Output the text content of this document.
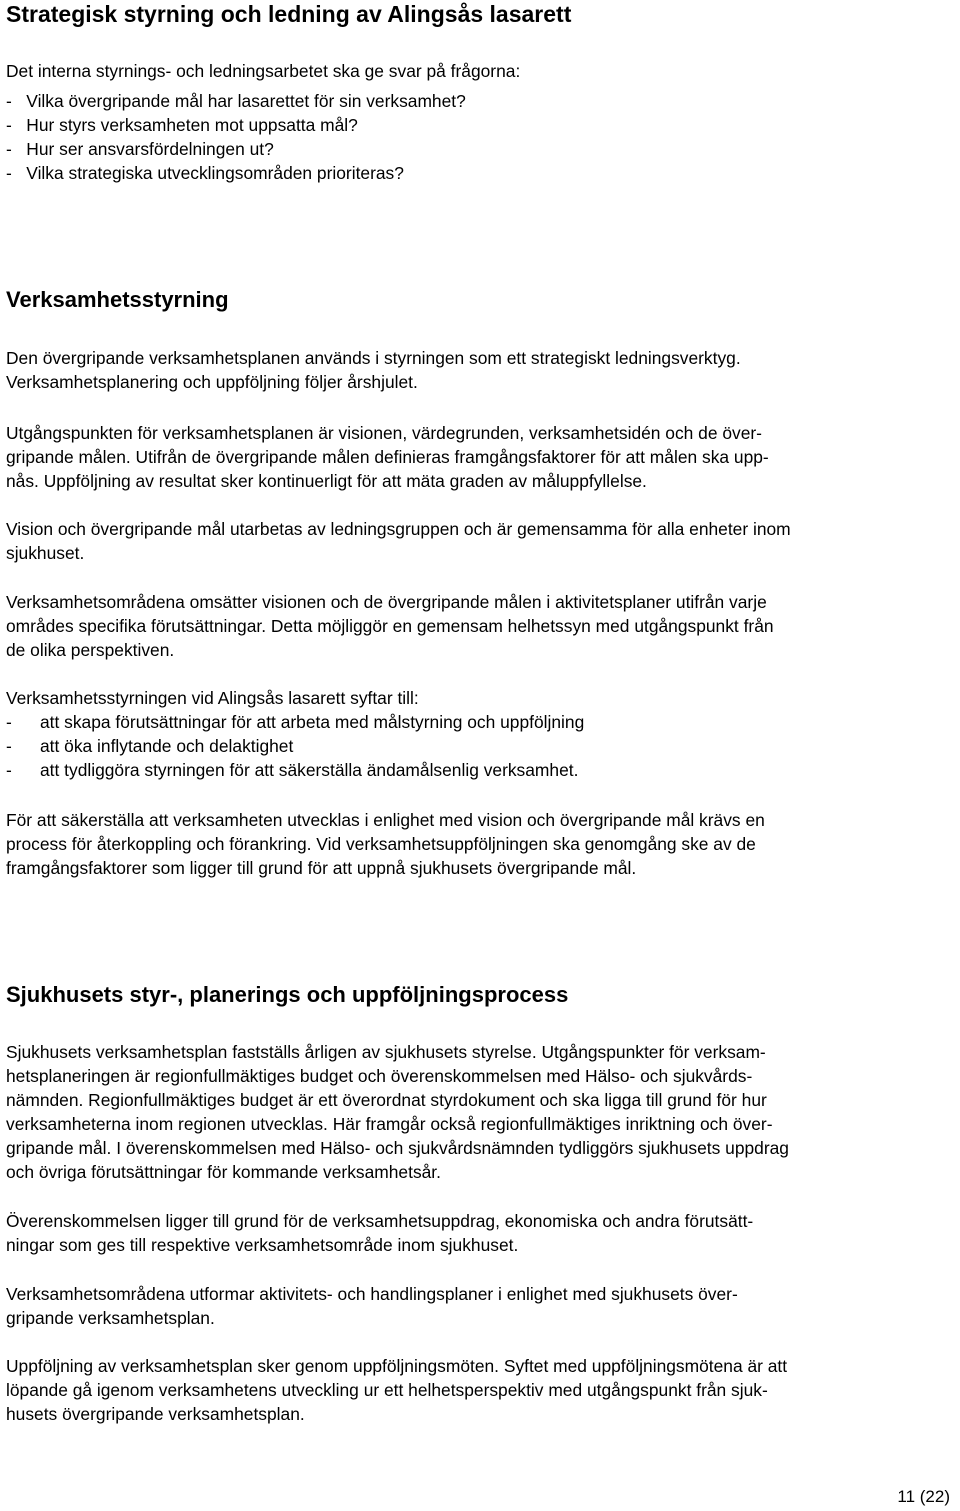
Strategisk styrning och ledning av Alingsås lasarett
Det interna styrnings- och ledningsarbetet ska ge svar på frågorna:
-   Vilka övergripande mål har lasarettet för sin verksamhet?
-   Hur styrs verksamheten mot uppsatta mål?
-   Hur ser ansvarsfördelningen ut?
-   Vilka strategiska utvecklingsområden prioriteras?
Verksamhetsstyrning
Den övergripande verksamhetsplanen används i styrningen som ett strategiskt ledningsverktyg.
Verksamhetsplanering och uppföljning följer årshjulet.
Utgångspunkten för verksamhetsplanen är visionen, värdegrunden, verksamhetsidén och de över-
gripande målen. Utifrån de övergripande målen definieras framgångsfaktorer för att målen ska upp-
nås. Uppföljning av resultat sker kontinuerligt för att mäta graden av måluppfyllelse.
Vision och övergripande mål utarbetas av ledningsgruppen och är gemensamma för alla enheter inom
sjukhuset.
Verksamhetsområdena omsätter visionen och de övergripande målen i aktivitetsplaner utifrån varje
områdes specifika förutsättningar. Detta möjliggör en gemensam helhetssyn med utgångspunkt från
de olika perspektiven.
Verksamhetsstyrningen vid Alingsås lasarett syftar till:
- att skapa förutsättningar för att arbeta med målstyrning och uppföljning
- att öka inflytande och delaktighet
- att tydliggöra styrningen för att säkerställa ändamålsenlig verksamhet.
För att säkerställa att verksamheten utvecklas i enlighet med vision och övergripande mål krävs en
process för återkoppling och förankring. Vid verksamhetsuppföljningen ska genomgång ske av de
framgångsfaktorer som ligger till grund för att uppnå sjukhusets övergripande mål.
Sjukhusets styr-, planerings och uppföljningsprocess
Sjukhusets verksamhetsplan fastställs årligen av sjukhusets styrelse. Utgångspunkter för verksam-
hetsplaneringen är regionfullmäktiges budget och överenskommelsen med Hälso- och sjukvårds-
nämnden. Regionfullmäktiges budget är ett överordnat styrdokument och ska ligga till grund för hur
verksamheterna inom regionen utvecklas. Här framgår också regionfullmäktiges inriktning och över-
gripande mål. I överenskommelsen med Hälso- och sjukvårdsnämnden tydliggörs sjukhusets uppdrag
och övriga förutsättningar för kommande verksamhetsår.
Överenskommelsen ligger till grund för de verksamhetsuppdrag, ekonomiska och andra förutsätt-
ningar som ges till respektive verksamhetsområde inom sjukhuset.
Verksamhetsområdena utformar aktivitets- och handlingsplaner i enlighet med sjukhusets över-
gripande verksamhetsplan.
Uppföljning av verksamhetsplan sker genom uppföljningsmöten. Syftet med uppföljningsmötena är att
löpande gå igenom verksamhetens utveckling ur ett helhetsperspektiv med utgångspunkt från sjuk-
husets övergripande verksamhetsplan.
11 (22)
